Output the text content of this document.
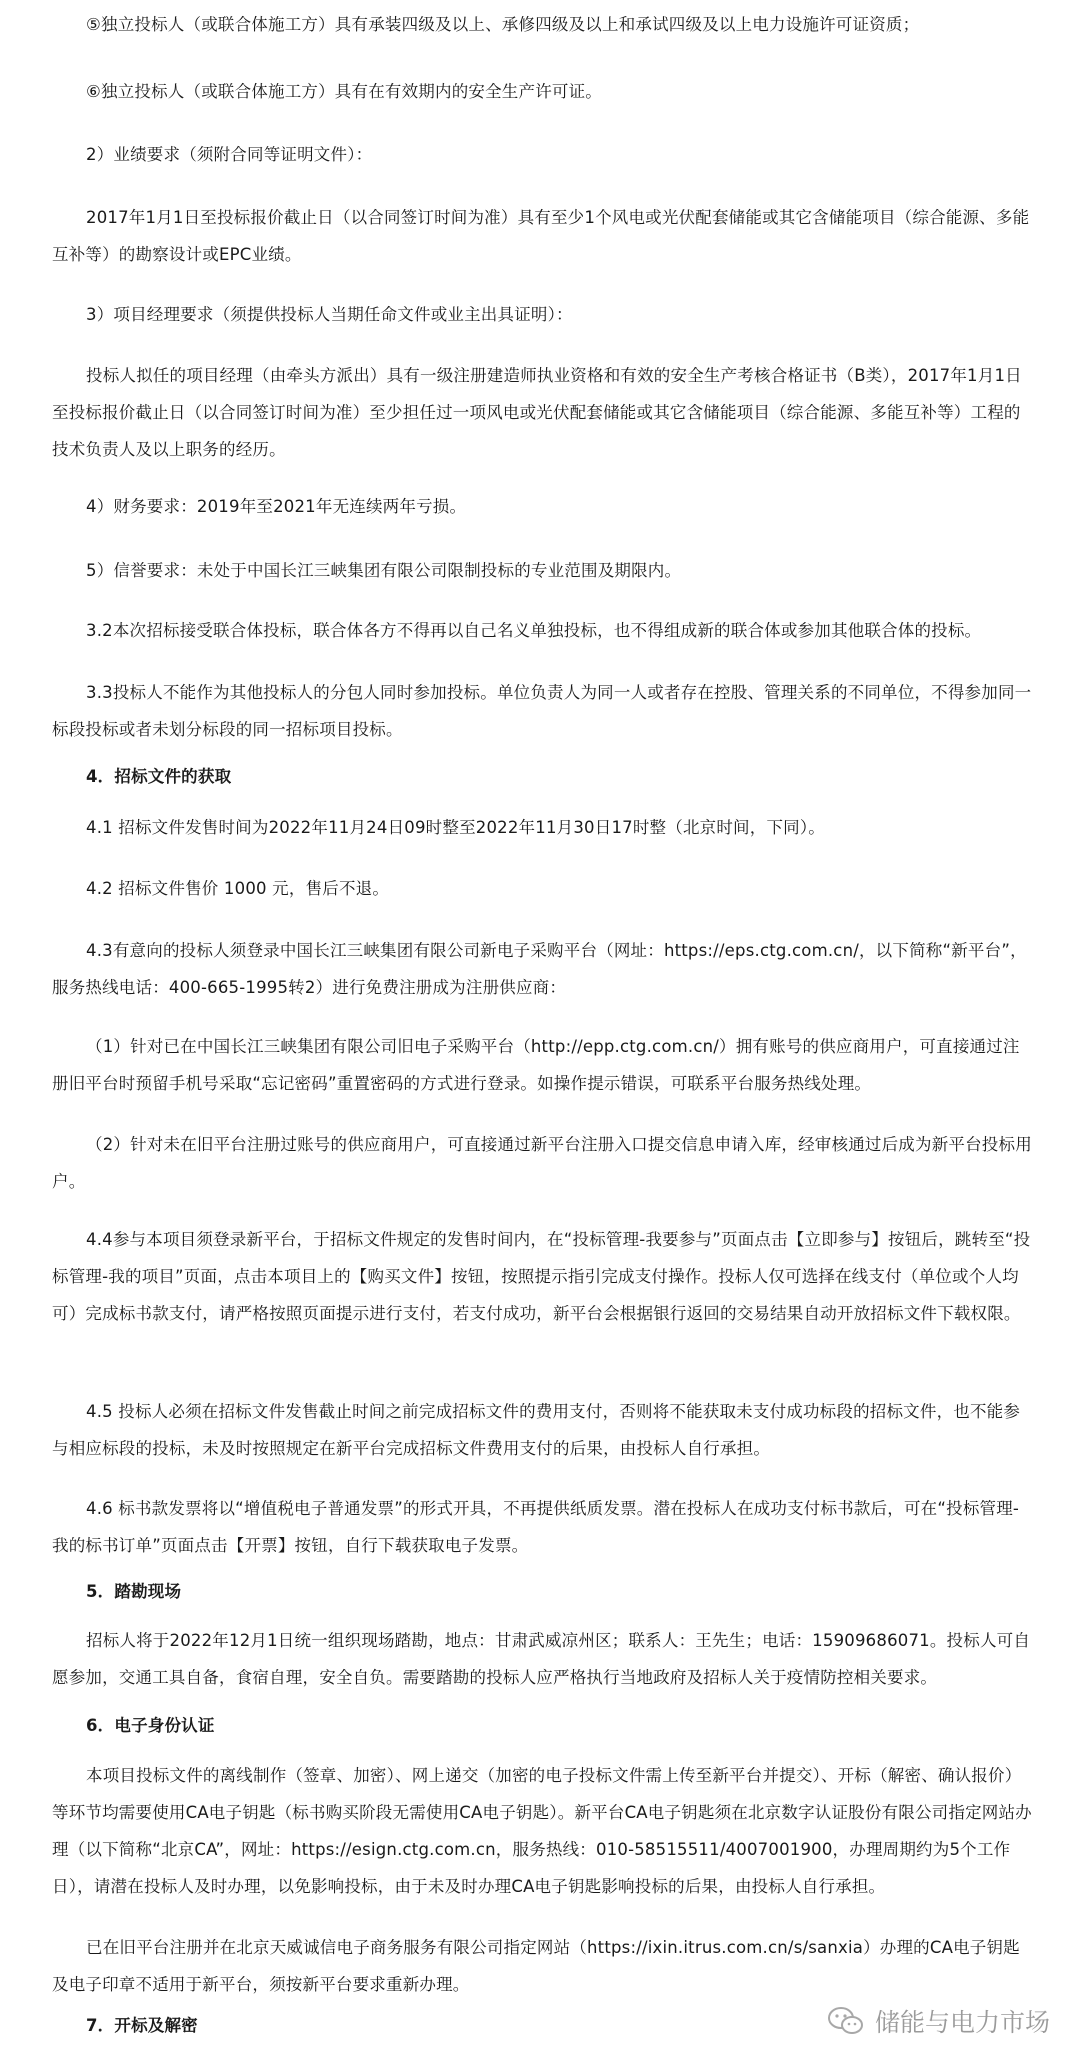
⑤独立投标人（或联合体施工方）具有承装四级及以上、承修四级及以上和承试四级及以上电力设施许可证资质；

⑥独立投标人（或联合体施工方）具有在有效期内的安全生产许可证。

2）业绩要求（须附合同等证明文件）：

2017年1月1日至投标报价截止日（以合同签订时间为准）具有至少1个风电或光伏配套储能或其它含储能项目（综合能源、多能互补等）的勘察设计或EPC业绩。

3）项目经理要求（须提供投标人当期任命文件或业主出具证明）：

投标人拟任的项目经理（由牵头方派出）具有一级注册建造师执业资格和有效的安全生产考核合格证书（B类），2017年1月1日至投标报价截止日（以合同签订时间为准）至少担任过一项风电或光伏配套储能或其它含储能项目（综合能源、多能互补等）工程的技术负责人及以上职务的经历。

4）财务要求：2019年至2021年无连续两年亏损。

5）信誉要求：未处于中国长江三峡集团有限公司限制投标的专业范围及期限内。

3.2本次招标接受联合体投标，联合体各方不得再以自己名义单独投标，也不得组成新的联合体或参加其他联合体的投标。

3.3投标人不能作为其他投标人的分包人同时参加投标。单位负责人为同一人或者存在控股、管理关系的不同单位，不得参加同一标段投标或者未划分标段的同一招标项目投标。

4．招标文件的获取

4.1 招标文件发售时间为2022年11月24日09时整至2022年11月30日17时整（北京时间，下同）。

4.2 招标文件售价 1000 元，售后不退。

4.3有意向的投标人须登录中国长江三峡集团有限公司新电子采购平台（网址：https://eps.ctg.com.cn/，以下简称“新平台”，服务热线电话：400-665-1995转2）进行免费注册成为注册供应商：

（1）针对已在中国长江三峡集团有限公司旧电子采购平台（http://epp.ctg.com.cn/）拥有账号的供应商用户，可直接通过注册旧平台时预留手机号采取“忘记密码”重置密码的方式进行登录。如操作提示错误，可联系平台服务热线处理。

（2）针对未在旧平台注册过账号的供应商用户，可直接通过新平台注册入口提交信息申请入库，经审核通过后成为新平台投标用户。

4.4参与本项目须登录新平台，于招标文件规定的发售时间内，在“投标管理-我要参与”页面点击【立即参与】按钮后，跳转至“投标管理-我的项目”页面，点击本项目上的【购买文件】按钮，按照提示指引完成支付操作。投标人仅可选择在线支付（单位或个人均可）完成标书款支付，请严格按照页面提示进行支付，若支付成功，新平台会根据银行返回的交易结果自动开放招标文件下载权限。

4.5 投标人必须在招标文件发售截止时间之前完成招标文件的费用支付，否则将不能获取未支付成功标段的招标文件，也不能参与相应标段的投标，未及时按照规定在新平台完成招标文件费用支付的后果，由投标人自行承担。

4.6 标书款发票将以“增值税电子普通发票”的形式开具，不再提供纸质发票。潜在投标人在成功支付标书款后，可在“投标管理-我的标书订单”页面点击【开票】按钮，自行下载获取电子发票。

5．踏勘现场

招标人将于2022年12月1日统一组织现场踏勘，地点：甘肃武威凉州区；联系人：王先生；电话：15909686071。投标人可自愿参加，交通工具自备，食宿自理，安全自负。需要踏勘的投标人应严格执行当地政府及招标人关于疫情防控相关要求。

6．电子身份认证

本项目投标文件的离线制作（签章、加密）、网上递交（加密的电子投标文件需上传至新平台并提交）、开标（解密、确认报价）等环节均需要使用CA电子钥匙（标书购买阶段无需使用CA电子钥匙）。新平台CA电子钥匙须在北京数字认证股份有限公司指定网站办理（以下简称“北京CA”，网址：https://esign.ctg.com.cn，服务热线：010-58515511/4007001900，办理周期约为5个工作日），请潜在投标人及时办理，以免影响投标，由于未及时办理CA电子钥匙影响投标的后果，由投标人自行承担。

已在旧平台注册并在北京天威诚信电子商务服务有限公司指定网站（https://ixin.itrus.com.cn/s/sanxia）办理的CA电子钥匙及电子印章不适用于新平台，须按新平台要求重新办理。

7．开标及解密	储能与电力市场
